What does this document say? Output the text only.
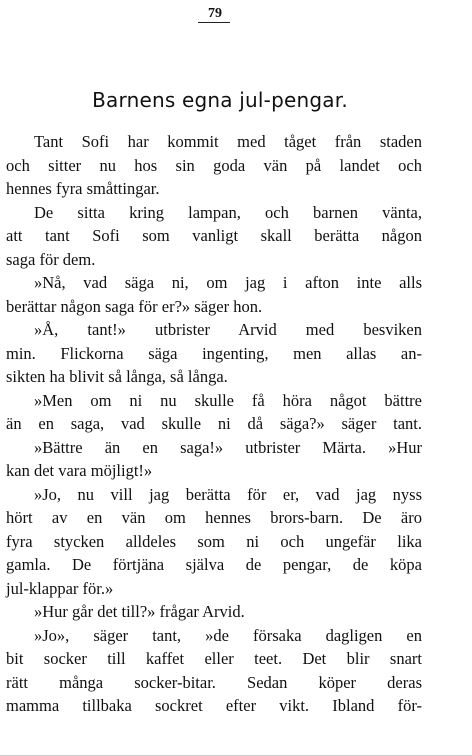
79
Barnens egna jul-pengar.
Tant Sofi har kommit med tåget från staden
och sitter nu hos sin goda vän på landet och
hennes fyra småttingar.
De sitta kring lampan, och barnen vänta,
att tant Sofi som vanligt skall berätta någon
saga för dem.
»Nå, vad säga ni, om jag i afton inte alls
berättar någon saga för er?» säger hon.
»Å, tant!» utbrister Arvid med besviken
min. Flickorna säga ingenting, men allas an-
sikten ha blivit så långa, så långa.
»Men om ni nu skulle få höra något bättre
än en saga, vad skulle ni då säga?» säger tant.
»Bättre än en saga!» utbrister Märta. »Hur
kan det vara möjligt!»
»Jo, nu vill jag berätta för er, vad jag nyss
hört av en vän om hennes brors-barn. De äro
fyra stycken alldeles som ni och ungefär lika
gamla. De förtjäna själva de pengar, de köpa
jul-klappar för.»
»Hur går det till?» frågar Arvid.
»Jo», säger tant, »de försaka dagligen en
bit socker till kaffet eller teet. Det blir snart
rätt många socker-bitar. Sedan köper deras
mamma tillbaka sockret efter vikt. Ibland för-
